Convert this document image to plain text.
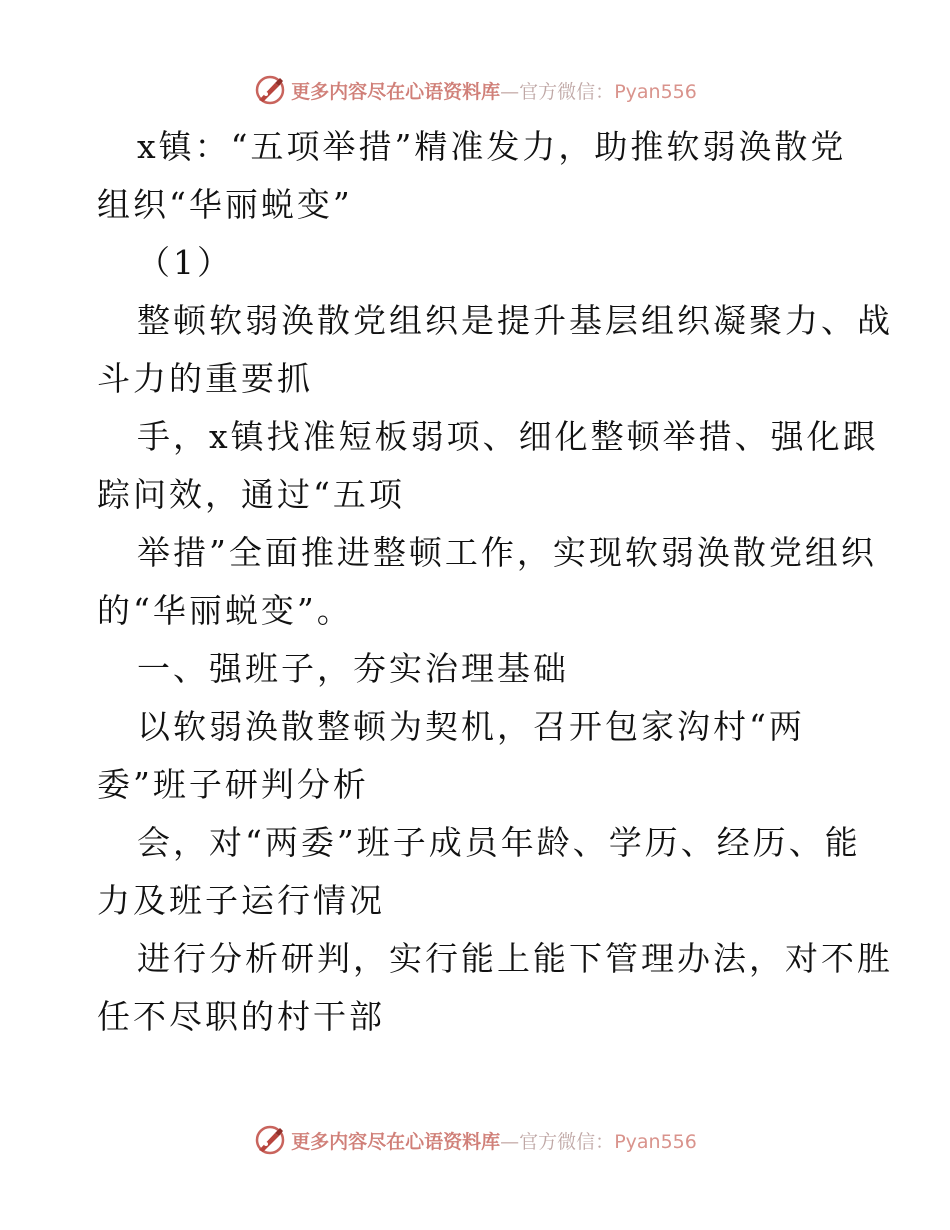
更多内容尽在心语资料库—官方微信：Pyan556
x镇：“五项举措”精准发力，助推软弱涣散党
组织“华丽蜕变”
（1）
整顿软弱涣散党组织是提升基层组织凝聚力、战
斗力的重要抓
手，x镇找准短板弱项、细化整顿举措、强化跟
踪问效，通过“五项
举措”全面推进整顿工作，实现软弱涣散党组织
的“华丽蜕变”。
一、强班子，夯实治理基础
以软弱涣散整顿为契机，召开包家沟村“两
委”班子研判分析
会，对“两委”班子成员年龄、学历、经历、能
力及班子运行情况
进行分析研判，实行能上能下管理办法，对不胜
任不尽职的村干部
更多内容尽在心语资料库—官方微信：Pyan556
